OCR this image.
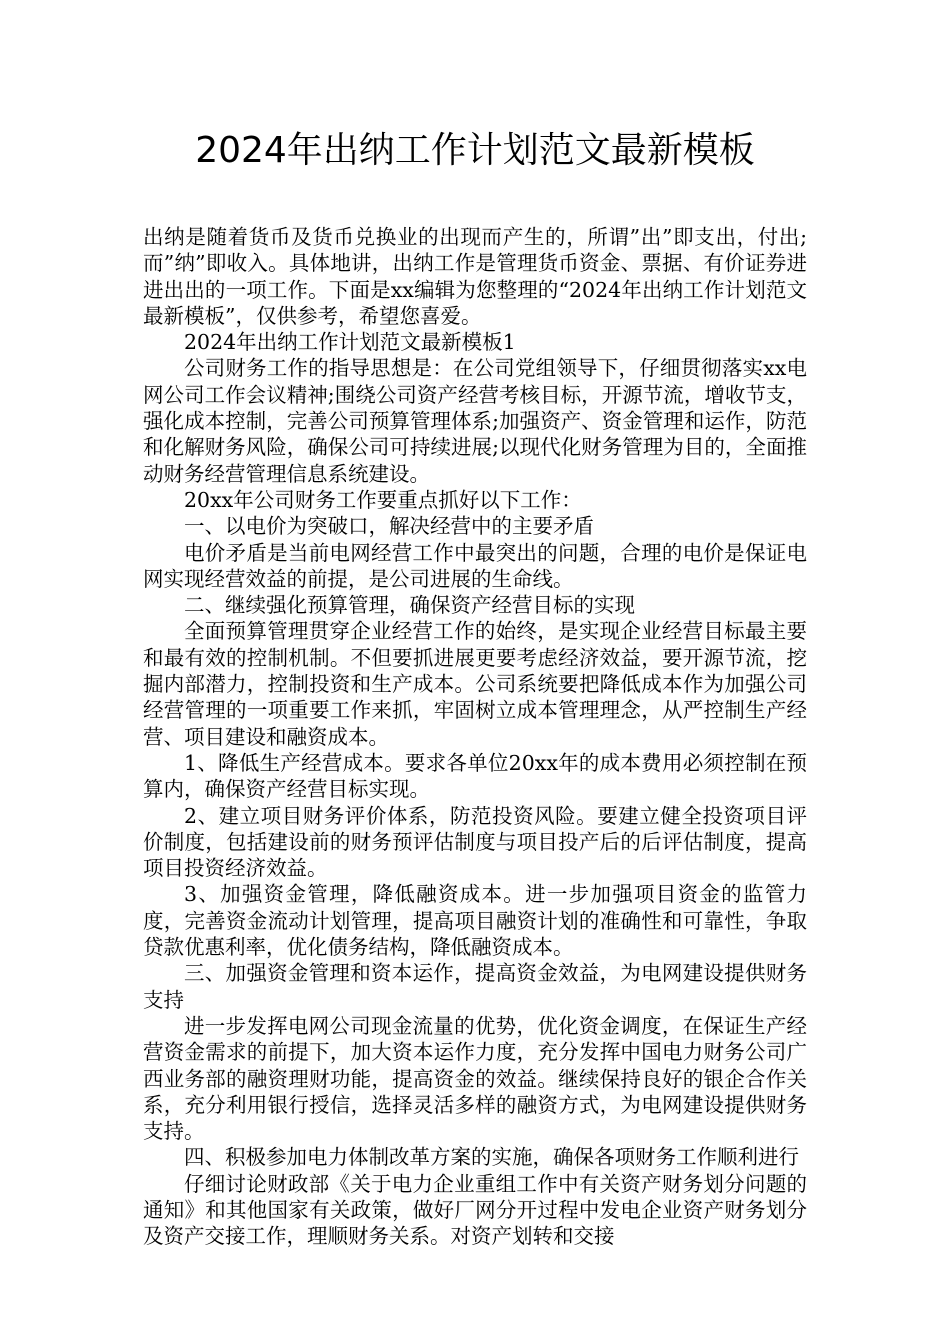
2024年出纳工作计划范文最新模板

出纳是随着货币及货币兑换业的出现而产生的，所谓”出”即支出，付出;而”纳”即收入。具体地讲，出纳工作是管理货币资金、票据、有价证券进进出出的一项工作。下面是xx编辑为您整理的“2024年出纳工作计划范文最新模板”，仅供参考，希望您喜爱。

2024年出纳工作计划范文最新模板1

公司财务工作的指导思想是：在公司党组领导下，仔细贯彻落实xx电网公司工作会议精神;围绕公司资产经营考核目标，开源节流，增收节支，强化成本控制，完善公司预算管理体系;加强资产、资金管理和运作，防范和化解财务风险，确保公司可持续进展;以现代化财务管理为目的，全面推动财务经营管理信息系统建设。

20xx年公司财务工作要重点抓好以下工作：

一、以电价为突破口，解决经营中的主要矛盾

电价矛盾是当前电网经营工作中最突出的问题，合理的电价是保证电网实现经营效益的前提，是公司进展的生命线。

二、继续强化预算管理，确保资产经营目标的实现

全面预算管理贯穿企业经营工作的始终，是实现企业经营目标最主要和最有效的控制机制。不但要抓进展更要考虑经济效益，要开源节流，挖掘内部潜力，控制投资和生产成本。公司系统要把降低成本作为加强公司经营管理的一项重要工作来抓，牢固树立成本管理理念，从严控制生产经营、项目建设和融资成本。

1、降低生产经营成本。要求各单位20xx年的成本费用必须控制在预算内，确保资产经营目标实现。

2、建立项目财务评价体系，防范投资风险。要建立健全投资项目评价制度，包括建设前的财务预评估制度与项目投产后的后评估制度，提高项目投资经济效益。

3、加强资金管理，降低融资成本。进一步加强项目资金的监管力度，完善资金流动计划管理，提高项目融资计划的准确性和可靠性，争取贷款优惠利率，优化债务结构，降低融资成本。

三、加强资金管理和资本运作，提高资金效益，为电网建设提供财务支持

进一步发挥电网公司现金流量的优势，优化资金调度，在保证生产经营资金需求的前提下，加大资本运作力度，充分发挥中国电力财务公司广西业务部的融资理财功能，提高资金的效益。继续保持良好的银企合作关系，充分利用银行授信，选择灵活多样的融资方式，为电网建设提供财务支持。

四、积极参加电力体制改革方案的实施，确保各项财务工作顺利进行

仔细讨论财政部《关于电力企业重组工作中有关资产财务划分问题的通知》和其他国家有关政策，做好厂网分开过程中发电企业资产财务划分及资产交接工作，理顺财务关系。对资产划转和交接
